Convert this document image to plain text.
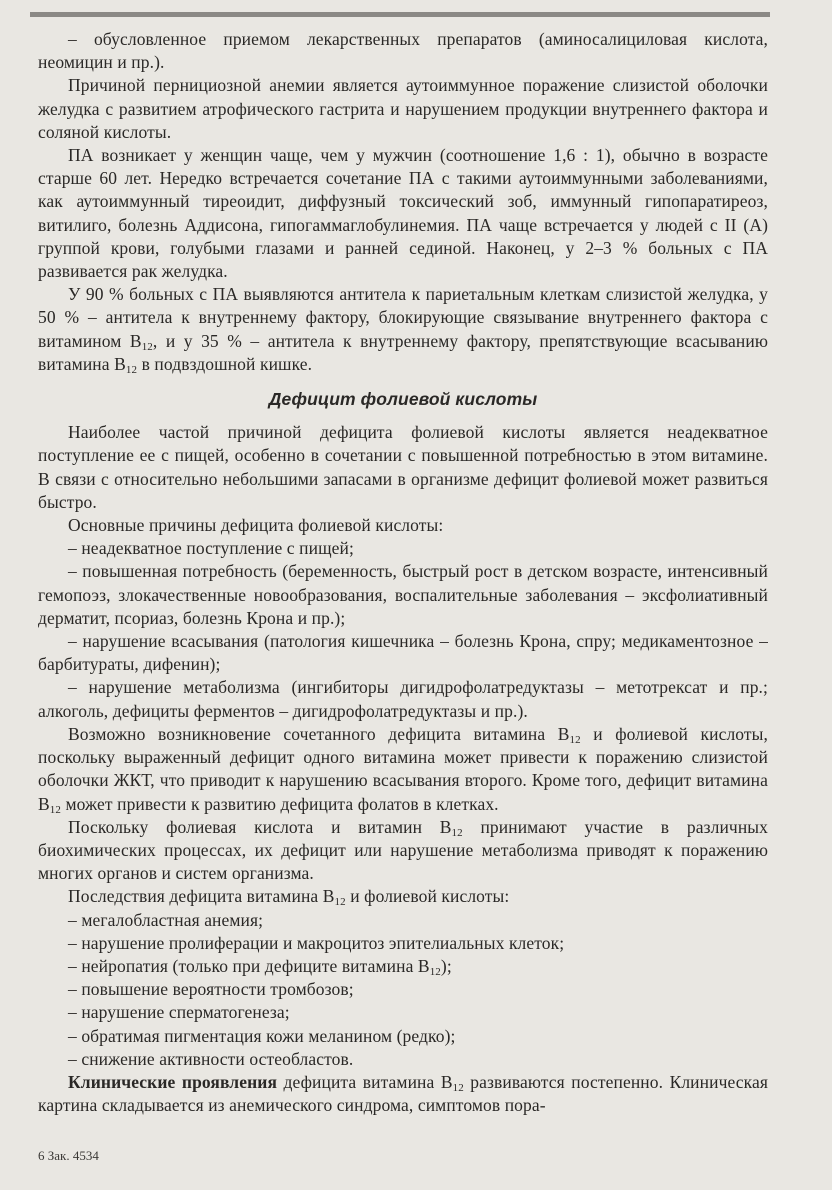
– обусловленное приемом лекарственных препаратов (аминосалициловая кислота, неомицин и пр.).

Причиной пернициозной анемии является аутоиммунное поражение слизистой оболочки желудка с развитием атрофического гастрита и нарушением продукции внутреннего фактора и соляной кислоты.

ПА возникает у женщин чаще, чем у мужчин (соотношение 1,6 : 1), обычно в возрасте старше 60 лет. Нередко встречается сочетание ПА с такими аутоиммунными заболеваниями, как аутоиммунный тиреоидит, диффузный токсический зоб, иммунный гипопаратиреоз, витилиго, болезнь Аддисона, гипогаммаглобулинемия. ПА чаще встречается у людей с II (А) группой крови, голубыми глазами и ранней сединой. Наконец, у 2–3 % больных с ПА развивается рак желудка.

У 90 % больных с ПА выявляются антитела к париетальным клеткам слизистой желудка, у 50 % – антитела к внутреннему фактору, блокирующие связывание внутреннего фактора с витамином $B_{12}$, и у 35 % – антитела к внутреннему фактору, препятствующие всасыванию витамина $B_{12}$ в подвздошной кишке.

Дефицит фолиевой кислоты

Наиболее частой причиной дефицита фолиевой кислоты является неадекватное поступление ее с пищей, особенно в сочетании с повышенной потребностью в этом витамине. В связи с относительно небольшими запасами в организме дефицит фолиевой может развиться быстро.

Основные причины дефицита фолиевой кислоты:

– неадекватное поступление с пищей;

– повышенная потребность (беременность, быстрый рост в детском возрасте, интенсивный гемопоэз, злокачественные новообразования, воспалительные заболевания – эксфолиативный дерматит, псориаз, болезнь Крона и пр.);

– нарушение всасывания (патология кишечника – болезнь Крона, спру; медикаментозное – барбитураты, дифенин);

– нарушение метаболизма (ингибиторы дигидрофолатредуктазы – метотрексат и пр.; алкоголь, дефициты ферментов – дигидрофолатредуктазы и пр.).

Возможно возникновение сочетанного дефицита витамина $B_{12}$ и фолиевой кислоты, поскольку выраженный дефицит одного витамина может привести к поражению слизистой оболочки ЖКТ, что приводит к нарушению всасывания второго. Кроме того, дефицит витамина $B_{12}$ может привести к развитию дефицита фолатов в клетках.

Поскольку фолиевая кислота и витамин $B_{12}$ принимают участие в различных биохимических процессах, их дефицит или нарушение метаболизма приводят к поражению многих органов и систем организма.

Последствия дефицита витамина $B_{12}$ и фолиевой кислоты:

– мегалобластная анемия;

– нарушение пролиферации и макроцитоз эпителиальных клеток;

– нейропатия (только при дефиците витамина $B_{12}$);

– повышение вероятности тромбозов;

– нарушение сперматогенеза;

– обратимая пигментация кожи меланином (редко);

– снижение активности остеобластов.

Клинические проявления дефицита витамина $B_{12}$ развиваются постепенно. Клиническая картина складывается из анемического синдрома, симптомов пора-

6 Зак. 4534
